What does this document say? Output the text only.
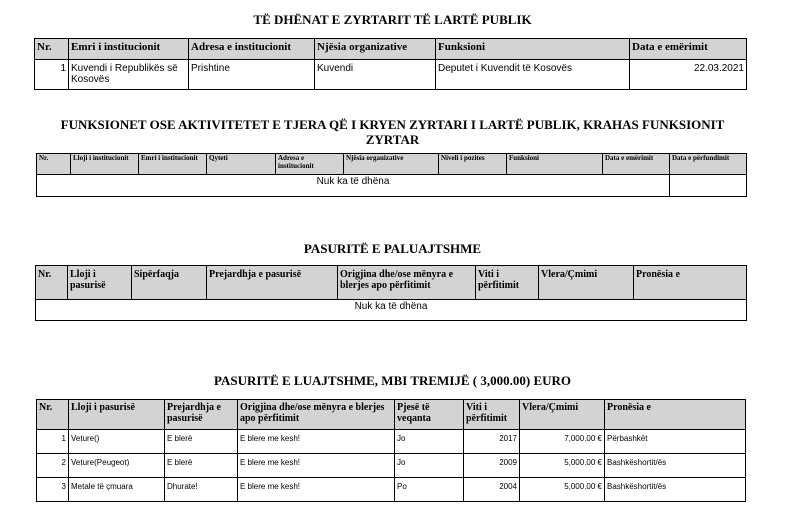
TË DHËNAT E ZYRTARIT TË LARTË PUBLIK
Nr.	Emri i institucionit	Adresa e institucionit	Njësia organizative	Funksioni	Data e emërimit
1	Kuvendi i Republikës së Kosovës	Prishtine	Kuvendi	Deputet i Kuvendit të Kosovës	22.03.2021
FUNKSIONET OSE AKTIVITETET E TJERA QË I KRYEN ZYRTARI I LARTË PUBLIK, KRAHAS FUNKSIONIT ZYRTAR
Nr.	Lloji i institucionit	Emri i institucionit	Qyteti	Adresa e institucionit	Njësia organizative	Niveli i pozites	Funksioni	Data e emërimit	Data e përfundimit
Nuk ka të dhëna									
PASURITË E PALUAJTSHME
Nr.	Lloji i pasurisë	Sipërfaqja	Prejardhja e pasurisë	Origjina dhe/ose mënyra e blerjes apo përfitimit	Viti i përfitimit	Vlera/Çmimi	Pronësia e
Nuk ka të dhëna
PASURITË E LUAJTSHME, MBI TREMIJË ( 3,000.00) EURO
Nr.	Lloji i pasurisë	Prejardhja e pasurisë	Origjina dhe/ose mënyra e blerjes apo përfitimit	Pjesë të veqanta	Viti i përfitimit	Vlera/Çmimi	Pronësia e
1	Veture()	E blerë	E blere me kesh!	Jo	2017	7,000.00 €	Përbashkët
2	Veture(Peugeot)	E blerë	E blere me kesh!	Jo	2009	5,000.00 €	Bashkëshortit/ës
3	Metale të çmuara	Dhurate!	E blere me kesh!	Po	2004	5,000.00 €	Bashkëshortit/ës
